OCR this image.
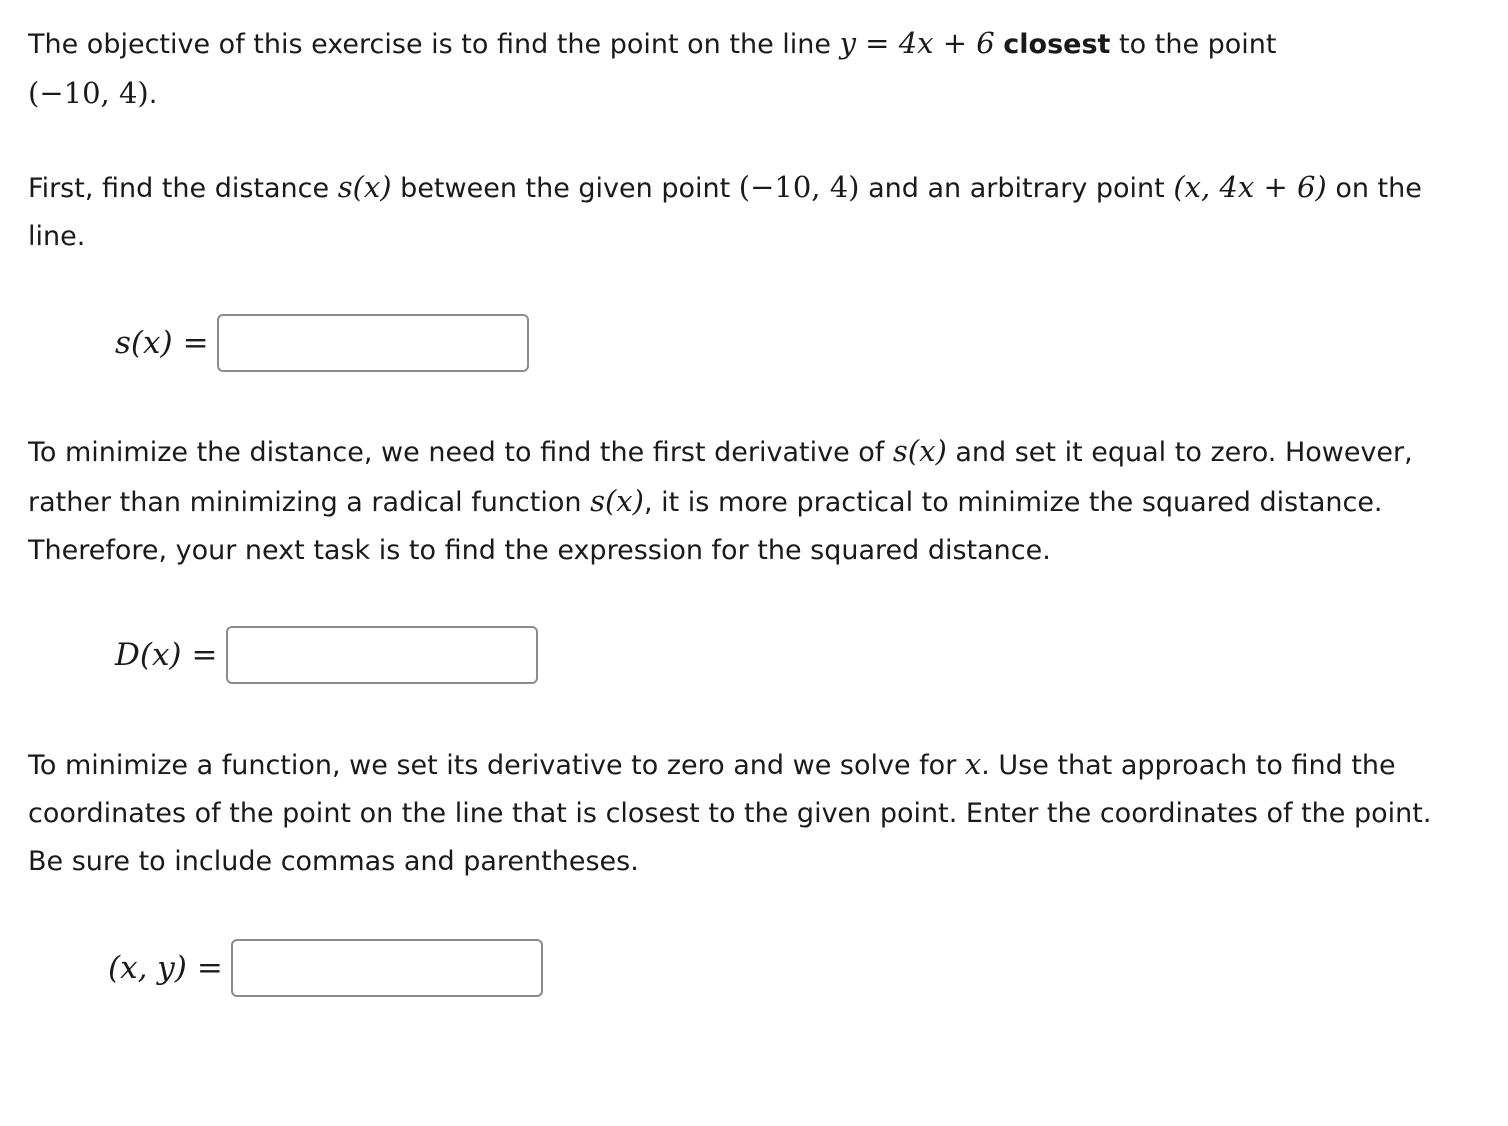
The objective of this exercise is to find the point on the line y = 4x + 6 closest to the point
(−10, 4).

First, find the distance s(x) between the given point (−10, 4) and an arbitrary point (x, 4x + 6) on the line.

s(x) =

To minimize the distance, we need to find the first derivative of s(x) and set it equal to zero. However, rather than minimizing a radical function s(x), it is more practical to minimize the squared distance. Therefore, your next task is to find the expression for the squared distance.

D(x) =

To minimize a function, we set its derivative to zero and we solve for x. Use that approach to find the coordinates of the point on the line that is closest to the given point. Enter the coordinates of the point. Be sure to include commas and parentheses.

(x, y) =
